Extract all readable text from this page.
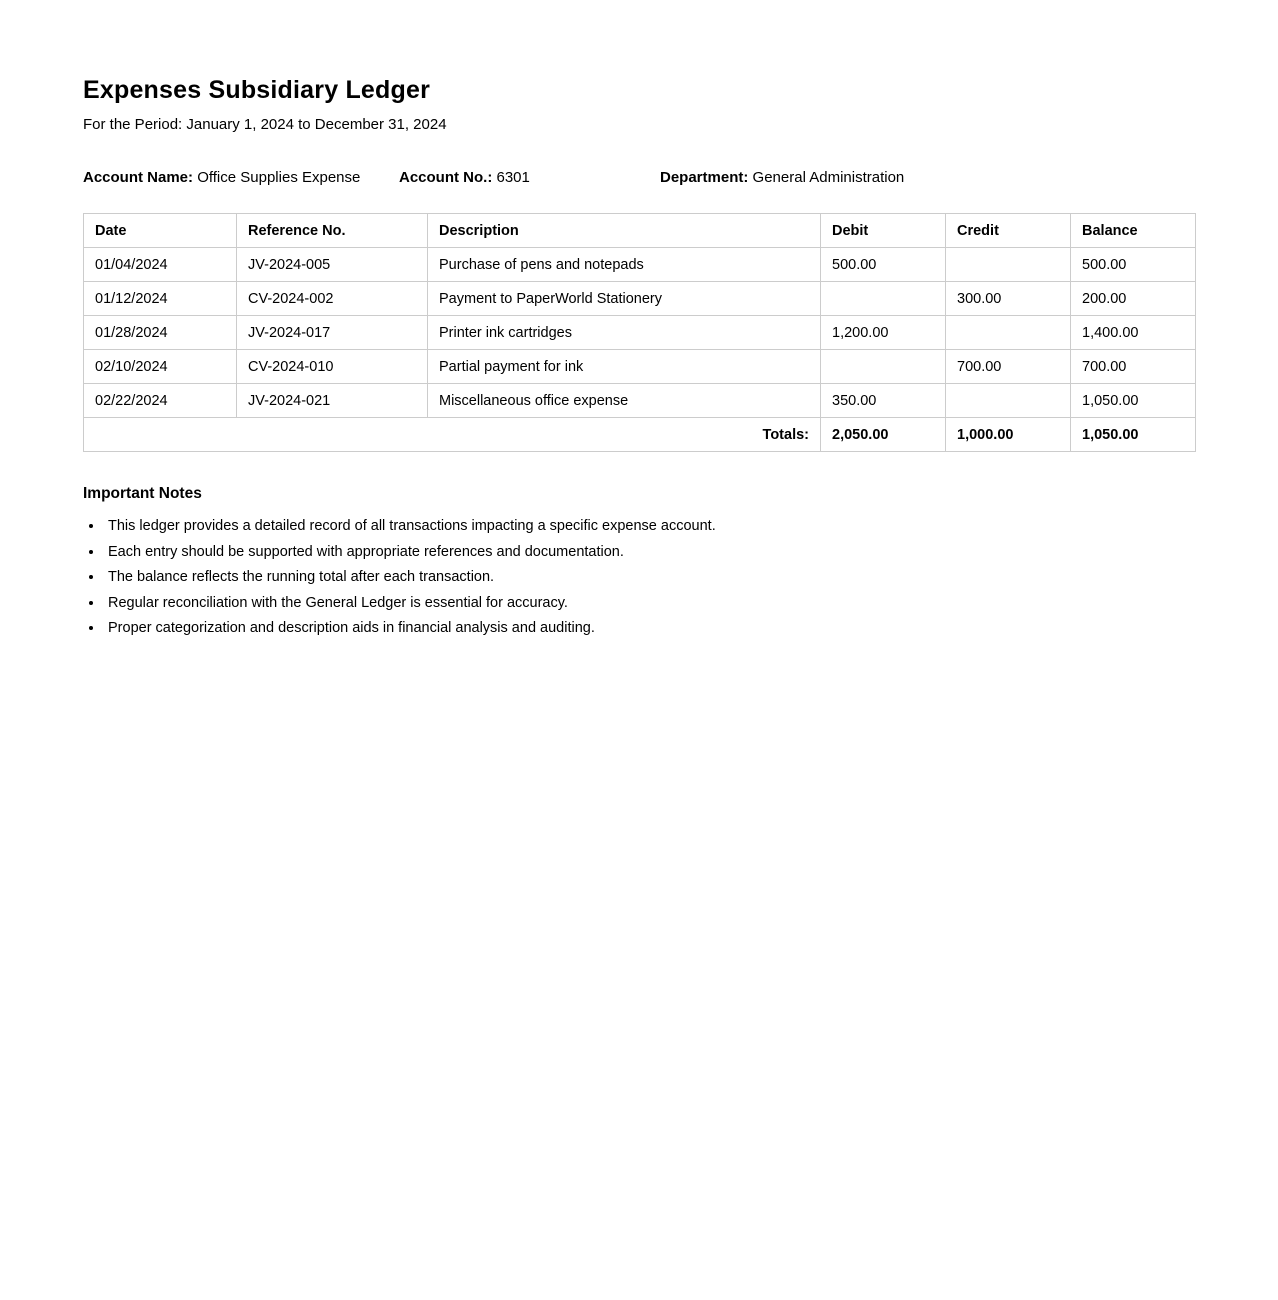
Expenses Subsidiary Ledger
For the Period: January 1, 2024 to December 31, 2024
Account Name: Office Supplies Expense	Account No.: 6301	Department: General Administration
Date	Reference No.	Description	Debit	Credit	Balance
01/04/2024	JV-2024-005	Purchase of pens and notepads	500.00		500.00
01/12/2024	CV-2024-002	Payment to PaperWorld Stationery		300.00	200.00
01/28/2024	JV-2024-017	Printer ink cartridges	1,200.00		1,400.00
02/10/2024	CV-2024-010	Partial payment for ink		700.00	700.00
02/22/2024	JV-2024-021	Miscellaneous office expense	350.00		1,050.00
Totals:			2,050.00	1,000.00	1,050.00
Important Notes
• This ledger provides a detailed record of all transactions impacting a specific expense account.
• Each entry should be supported with appropriate references and documentation.
• The balance reflects the running total after each transaction.
• Regular reconciliation with the General Ledger is essential for accuracy.
• Proper categorization and description aids in financial analysis and auditing.
